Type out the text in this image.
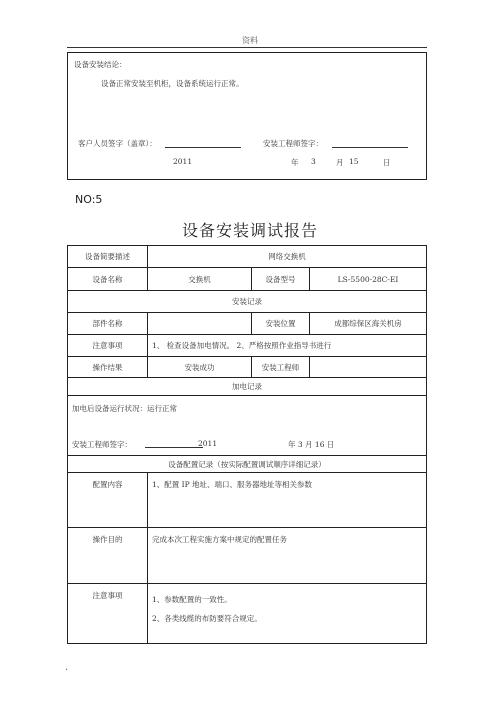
资料
设备安装结论：
设备正常安装至机柜，设备系统运行正常。
客户人员签字（盖章）：	安装工程师签字：
2011	年 3	月 15	日
NO:5
设备安装调试报告
设备简要描述	网络交换机		
设备名称	交换机	设备型号	LS-5500-28C-EI
安装记录			
部件名称		安装位置	成都综保区海关机房
注意事项	1、 检查设备加电情况。 2、严格按照作业指导书进行		
操作结果	安装成功	安装工程师	
加电记录			

加电后设备运行状况：运行正常
安装工程师签字： 2011 年 3 月 16 日			

设备配置记录（按实际配置调试顺序详细记录）			
配置内容	1、配置 IP 地址、端口、服务器地址等相关参数		
操作目的	完成本次工程实施方案中规定的配置任务		
注意事项	1、参数配置的一致性。
2、各类线缆的布防要符合规定。		
.
